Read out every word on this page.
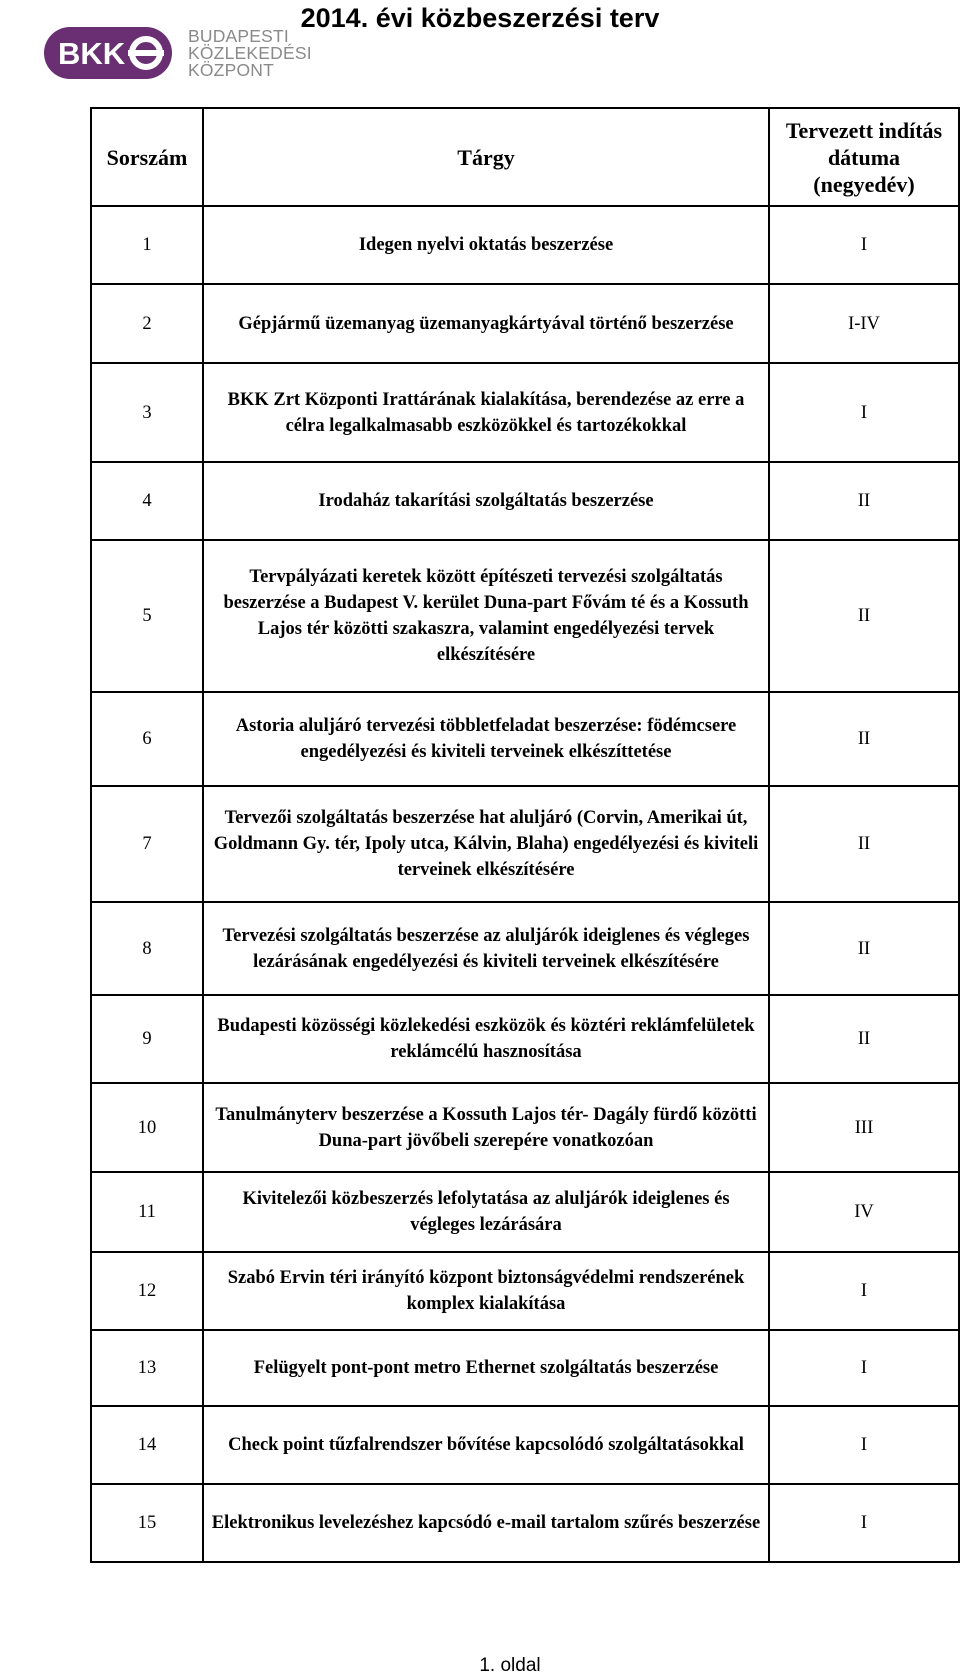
BKK
BUDAPESTI
KÖZLEKEDÉSI
KÖZPONT
2014. évi közbeszerzési terv
Sorszám	Tárgy	Tervezett indítás dátuma (negyedév)
1	Idegen nyelvi oktatás beszerzése	I
2	Gépjármű üzemanyag üzemanyagkártyával történő beszerzése	I-IV
3	BKK Zrt Központi Irattárának kialakítása, berendezése az erre a célra legalkalmasabb eszközökkel és tartozékokkal	I
4	Irodaház takarítási szolgáltatás beszerzése	II
5	Tervpályázati keretek között építészeti tervezési szolgáltatás beszerzése a Budapest V. kerület Duna-part Fővám té és a Kossuth Lajos tér közötti szakaszra, valamint engedélyezési tervek elkészítésére	II
6	Astoria aluljáró tervezési többletfeladat beszerzése: födémcsere engedélyezési és kiviteli terveinek elkészíttetése	II
7	Tervezői szolgáltatás beszerzése hat aluljáró (Corvin, Amerikai út, Goldmann Gy. tér, Ipoly utca, Kálvin, Blaha) engedélyezési és kiviteli terveinek elkészítésére	II
8	Tervezési szolgáltatás beszerzése az aluljárók ideiglenes és végleges lezárásának engedélyezési és kiviteli terveinek elkészítésére	II
9	Budapesti közösségi közlekedési eszközök és köztéri reklámfelületek reklámcélú hasznosítása	II
10	Tanulmányterv beszerzése a Kossuth Lajos tér- Dagály fürdő közötti Duna-part jövőbeli szerepére vonatkozóan	III
11	Kivitelezői közbeszerzés lefolytatása az aluljárók ideiglenes és végleges lezárására	IV
12	Szabó Ervin téri irányító központ biztonságvédelmi rendszerének komplex kialakítása	I
13	Felügyelt pont-pont metro Ethernet szolgáltatás beszerzése	I
14	Check point tűzfalrendszer bővítése kapcsolódó szolgáltatásokkal	I
15	Elektronikus levelezéshez kapcsódó e-mail tartalom szűrés beszerzése	I
1. oldal
